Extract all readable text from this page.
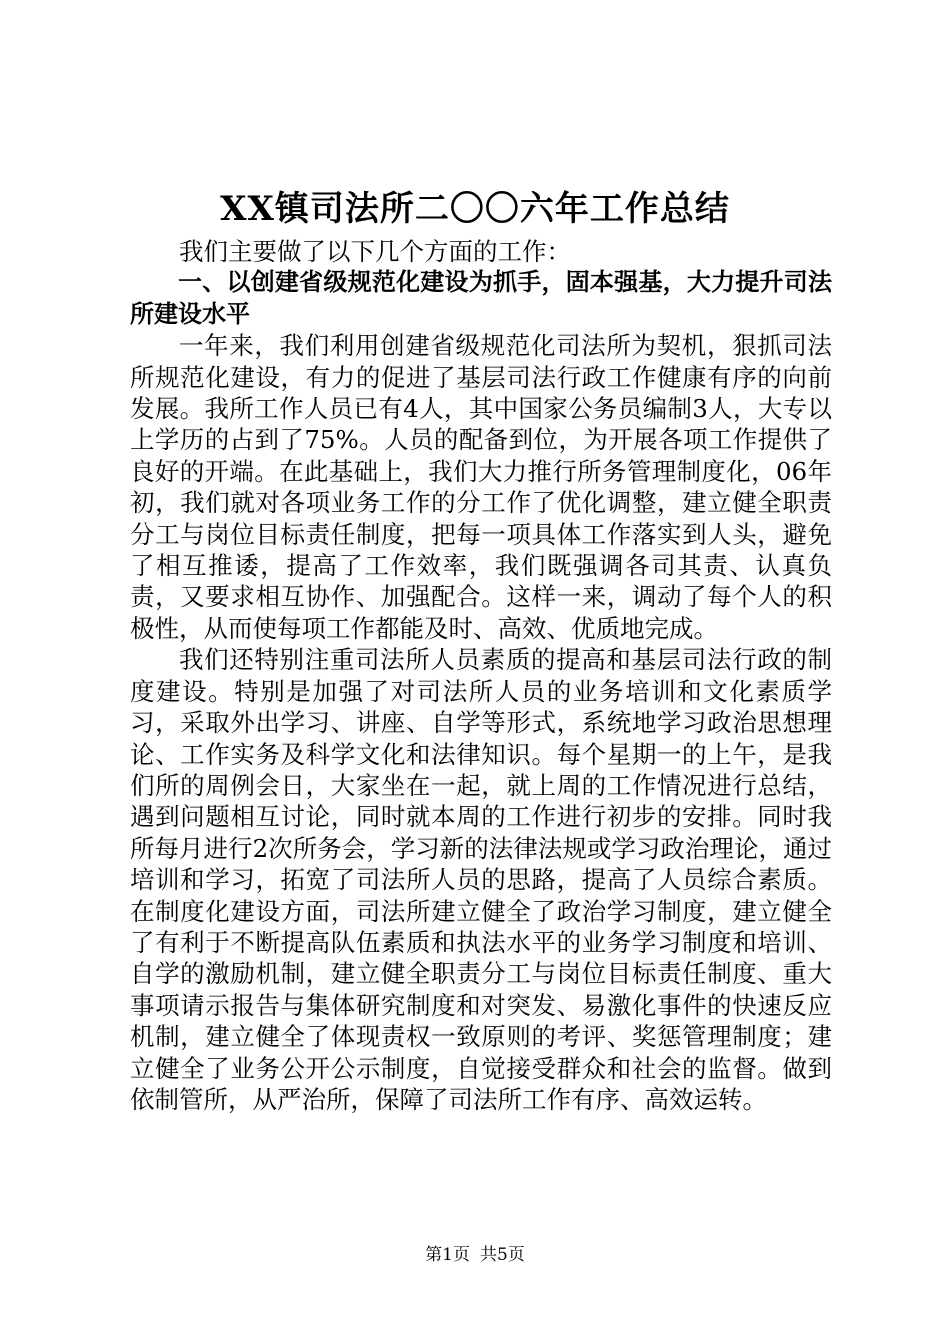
XX镇司法所二〇〇六年工作总结

我们主要做了以下几个方面的工作：

一、以创建省级规范化建设为抓手，固本强基，大力提升司法所建设水平

一年来，我们利用创建省级规范化司法所为契机，狠抓司法所规范化建设，有力的促进了基层司法行政工作健康有序的向前发展。我所工作人员已有4人，其中国家公务员编制3人，大专以上学历的占到了75%。人员的配备到位，为开展各项工作提供了良好的开端。在此基础上，我们大力推行所务管理制度化，06年初，我们就对各项业务工作的分工作了优化调整，建立健全职责分工与岗位目标责任制度，把每一项具体工作落实到人头，避免了相互推诿，提高了工作效率，我们既强调各司其责、认真负责，又要求相互协作、加强配合。这样一来，调动了每个人的积极性，从而使每项工作都能及时、高效、优质地完成。

我们还特别注重司法所人员素质的提高和基层司法行政的制度建设。特别是加强了对司法所人员的业务培训和文化素质学习，采取外出学习、讲座、自学等形式，系统地学习政治思想理论、工作实务及科学文化和法律知识。每个星期一的上午，是我们所的周例会日，大家坐在一起，就上周的工作情况进行总结，遇到问题相互讨论，同时就本周的工作进行初步的安排。同时我所每月进行2次所务会，学习新的法律法规或学习政治理论，通过培训和学习，拓宽了司法所人员的思路，提高了人员综合素质。在制度化建设方面，司法所建立健全了政治学习制度，建立健全了有利于不断提高队伍素质和执法水平的业务学习制度和培训、自学的激励机制，建立健全职责分工与岗位目标责任制度、重大事项请示报告与集体研究制度和对突发、易激化事件的快速反应机制，建立健全了体现责权一致原则的考评、奖惩管理制度；建立健全了业务公开公示制度，自觉接受群众和社会的监督。做到依制管所，从严治所，保障了司法所工作有序、高效运转。

第1页 共5页
